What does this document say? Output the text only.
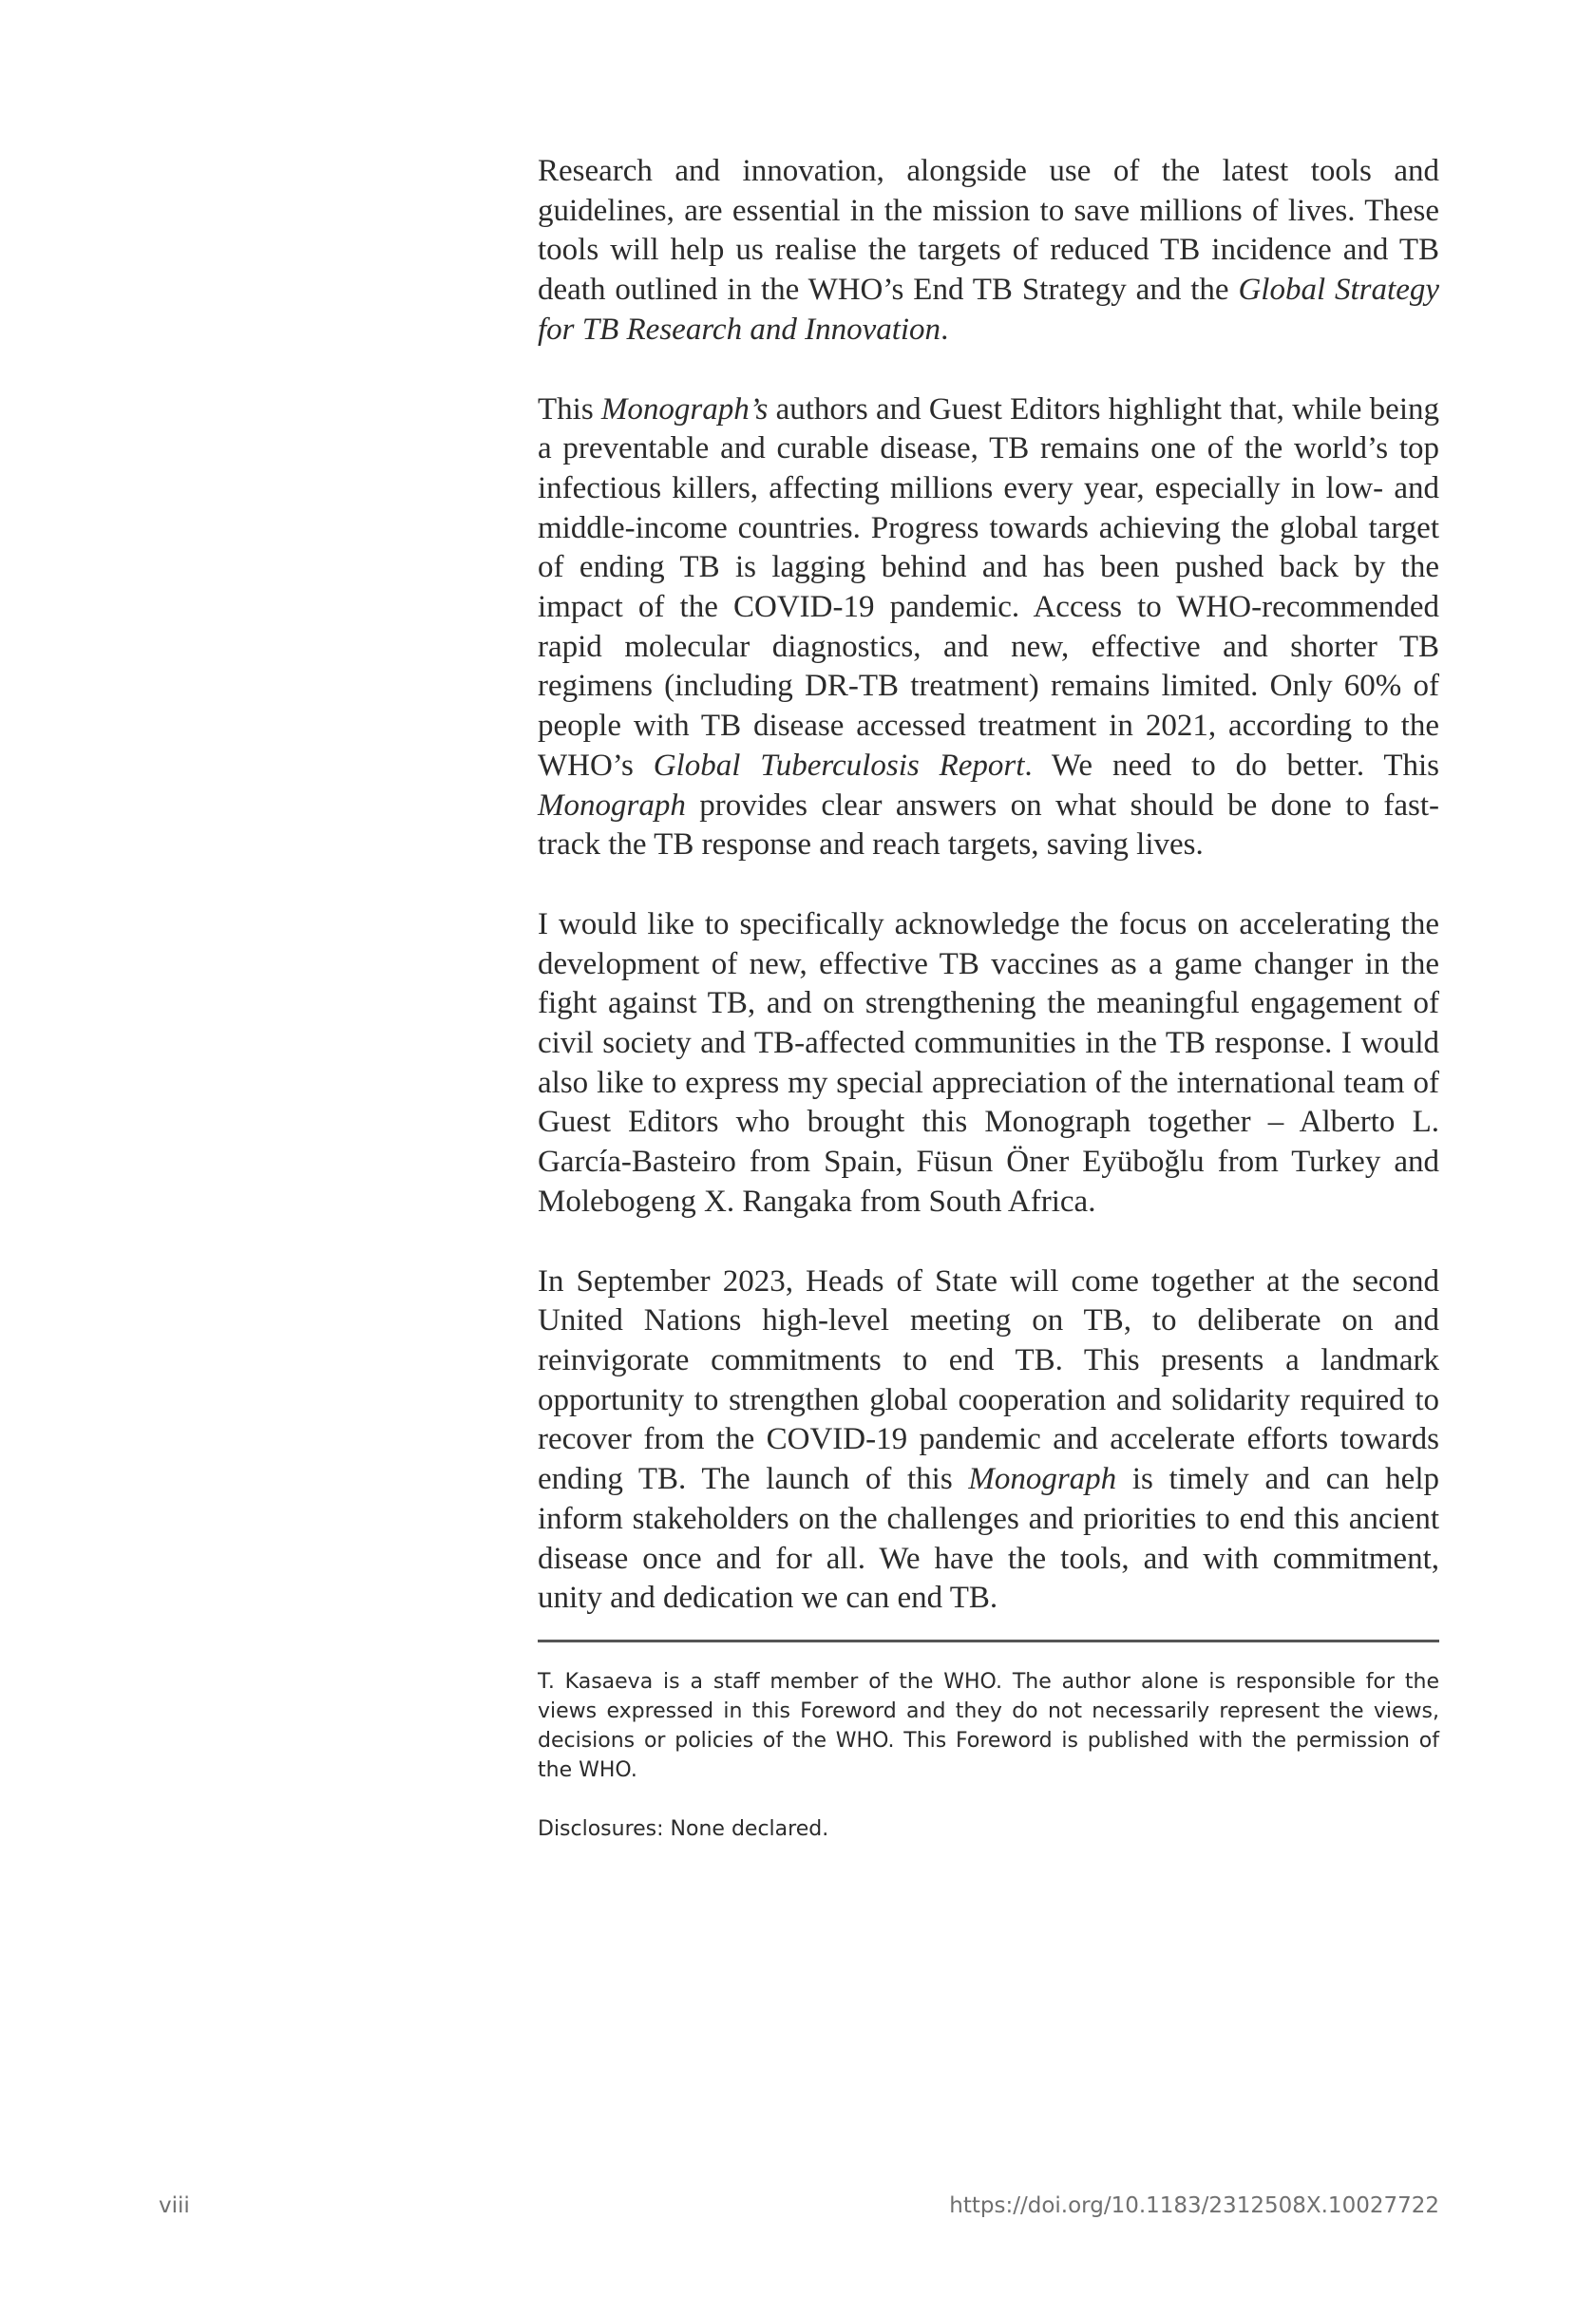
Research and innovation, alongside use of the latest tools and guidelines, are essential in the mission to save millions of lives. These tools will help us realise the targets of reduced TB incidence and TB death outlined in the WHO’s End TB Strategy and the Global Strategy for TB Research and Innovation.

This Monograph’s authors and Guest Editors highlight that, while being a preventable and curable disease, TB remains one of the world’s top infectious killers, affecting millions every year, especially in low- and middle-income countries. Progress towards achieving the global target of ending TB is lagging behind and has been pushed back by the impact of the COVID-19 pandemic. Access to WHO-recommended rapid molecular diagnostics, and new, effective and shorter TB regimens (including DR-TB treatment) remains limited. Only 60% of people with TB disease accessed treatment in 2021, according to the WHO’s Global Tuberculosis Report. We need to do better. This Monograph provides clear answers on what should be done to fast-track the TB response and reach targets, saving lives.

I would like to specifically acknowledge the focus on accelerating the development of new, effective TB vaccines as a game changer in the fight against TB, and on strengthening the meaningful engagement of civil society and TB-affected communities in the TB response. I would also like to express my special appreciation of the international team of Guest Editors who brought this Monograph together – Alberto L. García-Basteiro from Spain, Füsun Öner Eyüboğlu from Turkey and Molebogeng X. Rangaka from South Africa.

In September 2023, Heads of State will come together at the second United Nations high-level meeting on TB, to deliberate on and reinvigorate commitments to end TB. This presents a landmark opportunity to strengthen global cooperation and solidarity required to recover from the COVID-19 pandemic and accelerate efforts towards ending TB. The launch of this Monograph is timely and can help inform stakeholders on the challenges and priorities to end this ancient disease once and for all. We have the tools, and with commitment, unity and dedication we can end TB.

T. Kasaeva is a staff member of the WHO. The author alone is responsible for the views expressed in this Foreword and they do not necessarily represent the views, decisions or policies of the WHO. This Foreword is published with the permission of the WHO.

Disclosures: None declared.

viii	https://doi.org/10.1183/2312508X.10027722
